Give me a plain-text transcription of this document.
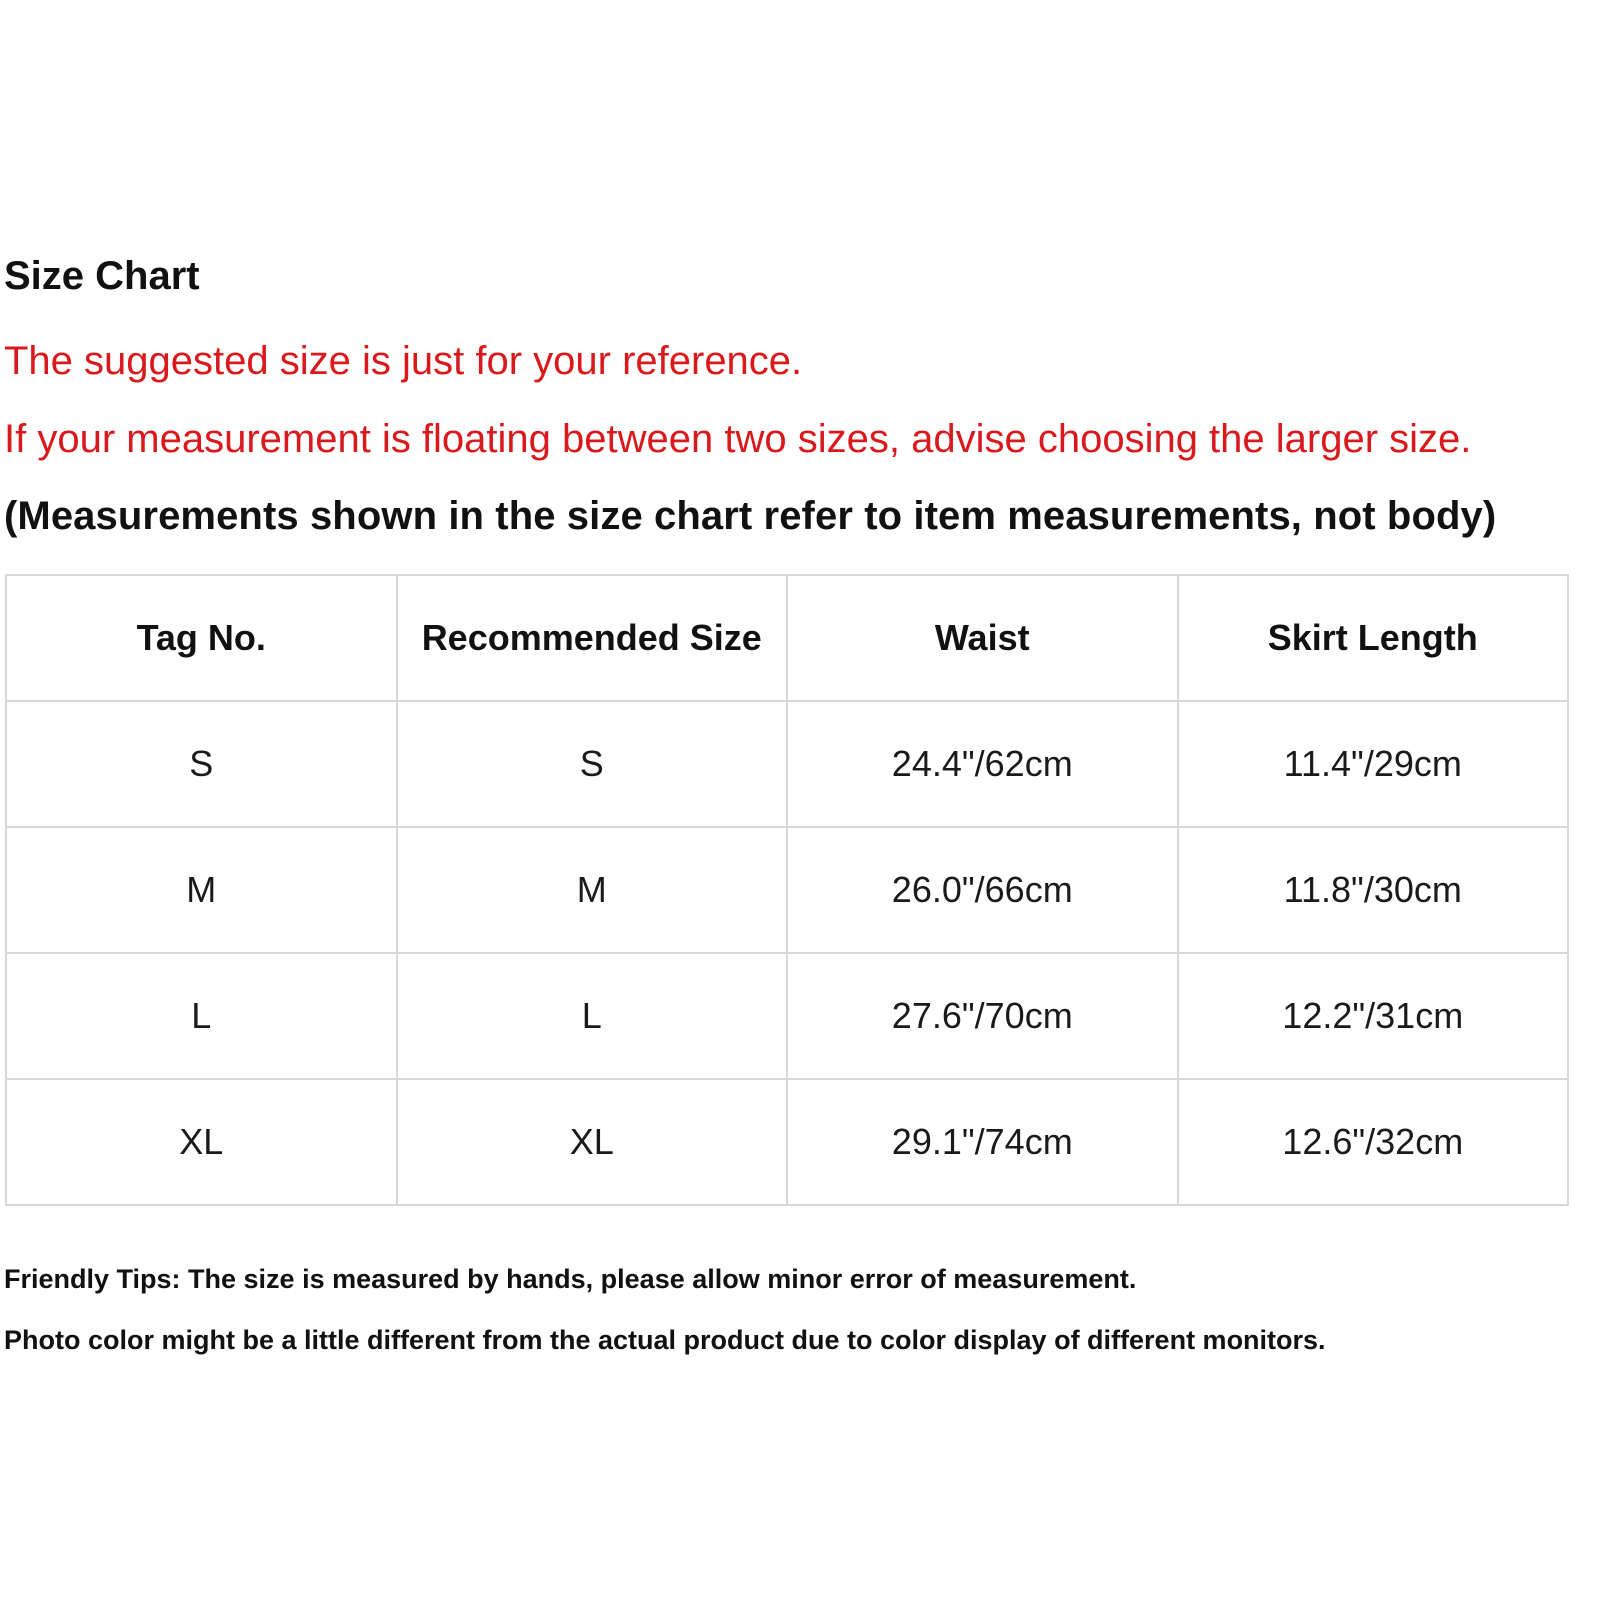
Size Chart
The suggested size is just for your reference.
If your measurement is floating between two sizes, advise choosing the larger size.
(Measurements shown in the size chart refer to item measurements, not body)
Tag No.	Recommended Size	Waist	Skirt Length
S	S	24.4"/62cm	11.4"/29cm
M	M	26.0"/66cm	11.8"/30cm
L	L	27.6"/70cm	12.2"/31cm
XL	XL	29.1"/74cm	12.6"/32cm
Friendly Tips: The size is measured by hands, please allow minor error of measurement.
Photo color might be a little different from the actual product due to color display of different monitors.
